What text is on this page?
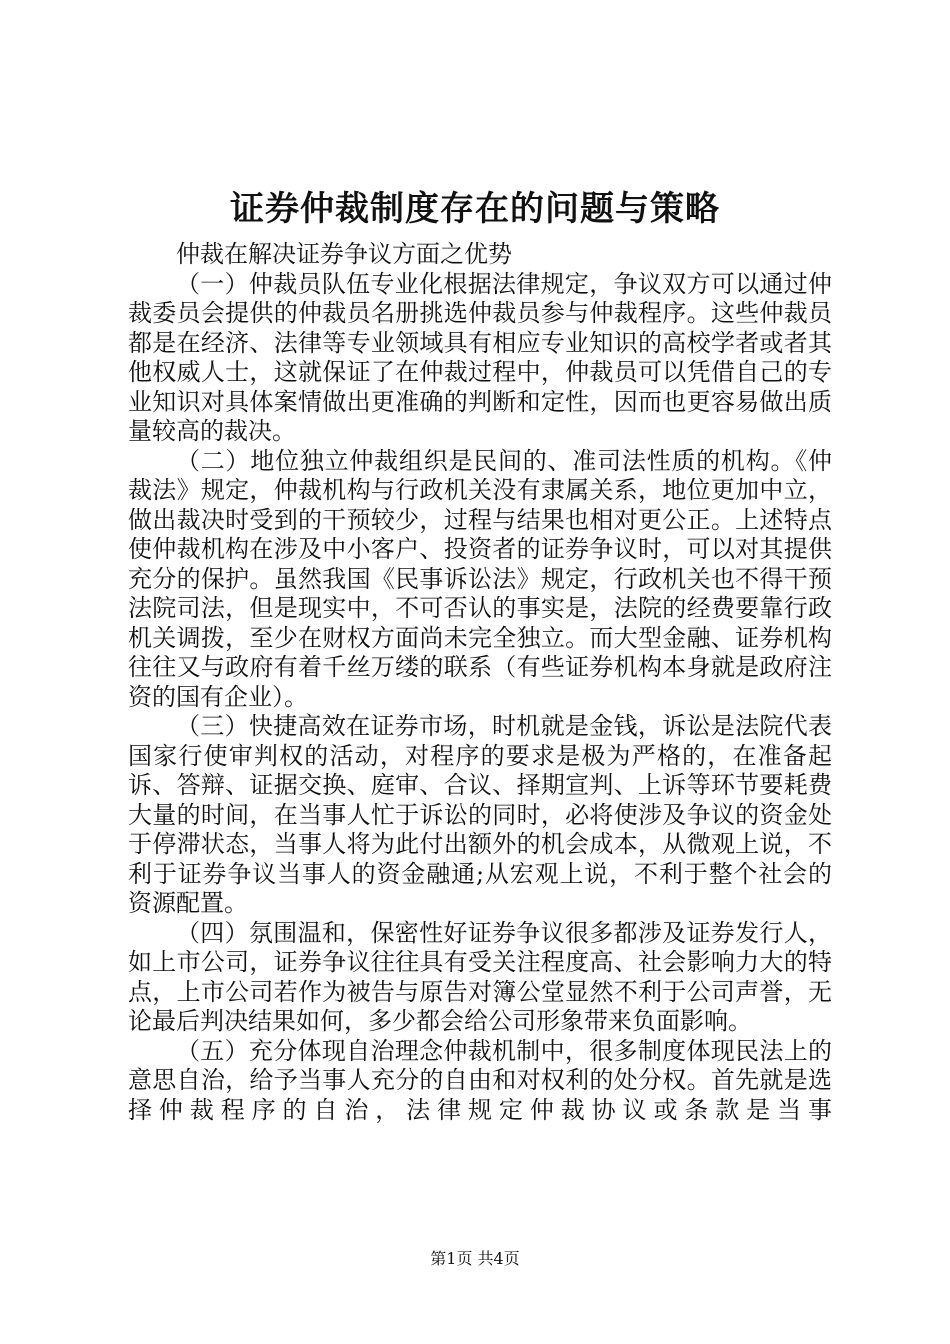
证券仲裁制度存在的问题与策略

仲裁在解决证券争议方面之优势

（一）仲裁员队伍专业化根据法律规定，争议双方可以通过仲裁委员会提供的仲裁员名册挑选仲裁员参与仲裁程序。这些仲裁员都是在经济、法律等专业领域具有相应专业知识的高校学者或者其他权威人士，这就保证了在仲裁过程中，仲裁员可以凭借自己的专业知识对具体案情做出更准确的判断和定性，因而也更容易做出质量较高的裁决。

（二）地位独立仲裁组织是民间的、准司法性质的机构。《仲裁法》规定，仲裁机构与行政机关没有隶属关系，地位更加中立，做出裁决时受到的干预较少，过程与结果也相对更公正。上述特点使仲裁机构在涉及中小客户、投资者的证券争议时，可以对其提供充分的保护。虽然我国《民事诉讼法》规定，行政机关也不得干预法院司法，但是现实中，不可否认的事实是，法院的经费要靠行政机关调拨，至少在财权方面尚未完全独立。而大型金融、证券机构往往又与政府有着千丝万缕的联系（有些证券机构本身就是政府注资的国有企业）。

（三）快捷高效在证券市场，时机就是金钱，诉讼是法院代表国家行使审判权的活动，对程序的要求是极为严格的，在准备起诉、答辩、证据交换、庭审、合议、择期宣判、上诉等环节要耗费大量的时间，在当事人忙于诉讼的同时，必将使涉及争议的资金处于停滞状态，当事人将为此付出额外的机会成本，从微观上说，不利于证券争议当事人的资金融通;从宏观上说，不利于整个社会的资源配置。

（四）氛围温和，保密性好证券争议很多都涉及证券发行人，如上市公司，证券争议往往具有受关注程度高、社会影响力大的特点，上市公司若作为被告与原告对簿公堂显然不利于公司声誉，无论最后判决结果如何，多少都会给公司形象带来负面影响。

（五）充分体现自治理念仲裁机制中，很多制度体现民法上的意思自治，给予当事人充分的自由和对权利的处分权。首先就是选择仲裁程序的自治，法律规定仲裁协议或条款是当事

第1页 共4页
